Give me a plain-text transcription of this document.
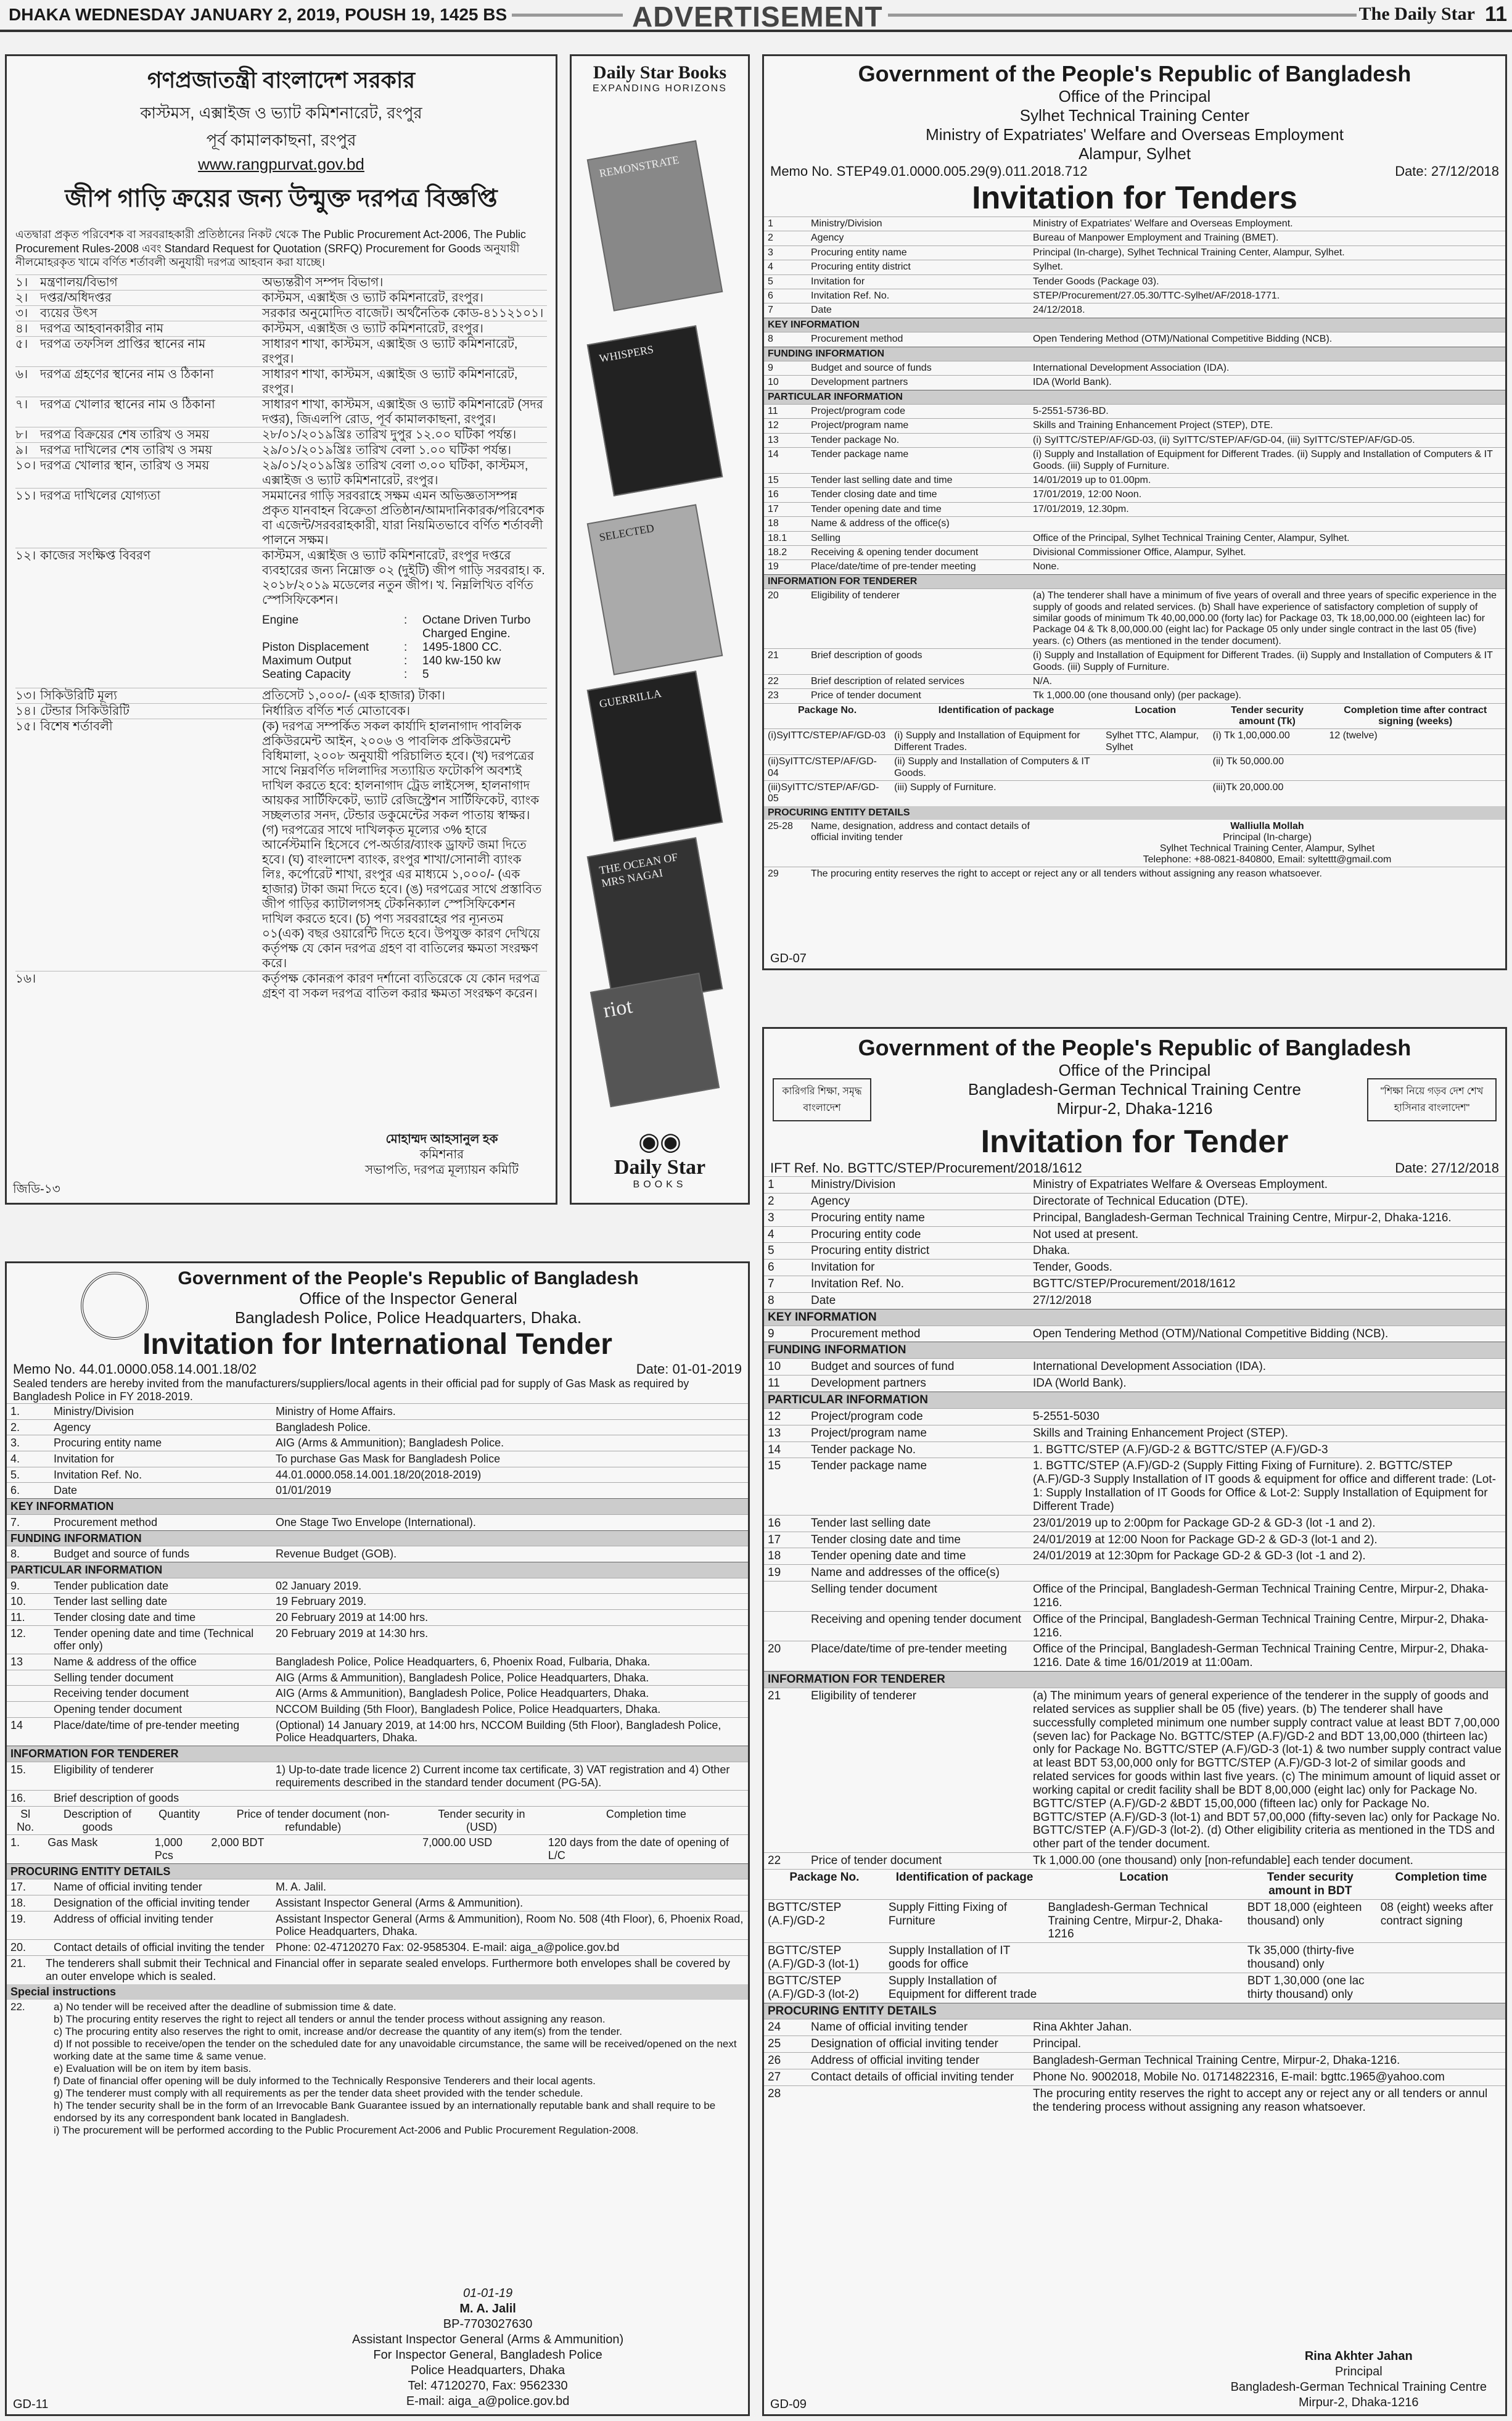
DHAKA WEDNESDAY JANUARY 2, 2019, POUSH 19, 1425 BS	ADVERTISEMENT	The Daily Star 11
গণপ্রজাতন্ত্রী বাংলাদেশ সরকার
কাস্টমস, এক্সাইজ ও ভ্যাট কমিশনারেট, রংপুর
পূর্ব কামালকাছনা, রংপুর
www.rangpurvat.gov.bd
জীপ গাড়ি ক্রয়ের জন্য উন্মুক্ত দরপত্র বিজ্ঞপ্তি
এতদ্বারা প্রকৃত পরিবেশক বা সরবরাহকারী প্রতিষ্ঠানের নিকট থেকে The Public Procurement Act-2006, The Public Procurement Rules-2008 এবং Standard Request for Quotation (SRFQ) Procurement for Goods অনুযায়ী নীলমোহরকৃত খামে বর্ণিত শর্তাবলী অনুযায়ী দরপত্র আহবান করা যাচ্ছে।
১। মন্ত্রণালয়/বিভাগ	অভ্যন্তরীণ সম্পদ বিভাগ।
২। দপ্তর/অধিদপ্তর	কাস্টমস, এক্সাইজ ও ভ্যাট কমিশনারেট, রংপুর।
৩। ব্যয়ের উৎস	সরকার অনুমোদিত বাজেট। অর্থনৈতিক কোড-৪১১২১০১।
৪। দরপত্র আহবানকারীর নাম	কাস্টমস, এক্সাইজ ও ভ্যাট কমিশনারেট, রংপুর।
৫। দরপত্র তফসিল প্রাপ্তির স্থানের নাম	সাধারণ শাখা, কাস্টমস, এক্সাইজ ও ভ্যাট কমিশনারেট, রংপুর।
৬। দরপত্র গ্রহণের স্থানের নাম ও ঠিকানা	সাধারণ শাখা, কাস্টমস, এক্সাইজ ও ভ্যাট কমিশনারেট, রংপুর।
৭। দরপত্র খোলার স্থানের নাম ও ঠিকানা	সাধারণ শাখা, কাস্টমস, এক্সাইজ ও ভ্যাট কমিশনারেট (সদর দপ্তর), জিএলপি রোড, পূর্ব কামালকাছনা, রংপুর।
৮। দরপত্র বিক্রয়ের শেষ তারিখ ও সময়	২৮/০১/২০১৯খ্রিঃ তারিখ দুপুর ১২.০০ ঘটিকা পর্যন্ত।
৯। দরপত্র দাখিলের শেষ তারিখ ও সময়	২৯/০১/২০১৯খ্রিঃ তারিখ বেলা ১.০০ ঘটিকা পর্যন্ত।
১০। দরপত্র খোলার স্থান, তারিখ ও সময়	২৯/০১/২০১৯খ্রিঃ তারিখ বেলা ৩.০০ ঘটিকা, কাস্টমস, এক্সাইজ ও ভ্যাট কমিশনারেট, রংপুর।
১১। দরপত্র দাখিলের যোগ্যতা	সমমানের গাড়ি সরবরাহে সক্ষম এমন অভিজ্ঞতাসম্পন্ন প্রকৃত যানবাহন বিক্রেতা প্রতিষ্ঠান/আমদানিকারক/পরিবেশক বা এজেন্ট/সরবরাহকারী, যারা নিয়মিতভাবে বর্ণিত শর্তাবলী পালনে সক্ষম।
১২। কাজের সংক্ষিপ্ত বিবরণ	কাস্টমস, এক্সাইজ ও ভ্যাট কমিশনারেট, রংপুর দপ্তরে ব্যবহারের জন্য নিম্নোক্ত ০২ (দুইটি) জীপ গাড়ি সরবরাহ। ক. ২০১৮/২০১৯ মডেলের নতুন জীপ। খ. নিম্নলিখিত বর্ণিত স্পেসিফিকেশন।
Engine	:	Octane Driven Turbo Charged Engine.
Piston Displacement	:	1495-1800 CC.
Maximum Output	:	140 kw-150 kw
Seating Capacity	:	5
১৩। সিকিউরিটি মূল্য	প্রতিসেট ১,০০০/- (এক হাজার) টাকা।
১৪। টেন্ডার সিকিউরিটি	নির্ধারিত বর্ণিত শর্ত মোতাবেক।
১৫। বিশেষ শর্তাবলী	(ক) দরপত্র সম্পর্কিত সকল কার্যাদি হালনাগাদ পাবলিক প্রকিউরমেন্ট আইন, ২০০৬ ও পাবলিক প্রকিউরমেন্ট বিধিমালা, ২০০৮ অনুযায়ী পরিচালিত হবে। (খ) দরপত্রের সাথে নিম্নবর্ণিত দলিলাদির সত্যায়িত ফটোকপি অবশ্যই দাখিল করতে হবে: হালনাগাদ ট্রেড লাইসেন্স, হালনাগাদ আয়কর সার্টিফিকেট, ভ্যাট রেজিস্ট্রেশন সার্টিফিকেট, ব্যাংক সচ্ছলতার সনদ, টেন্ডার ডকুমেন্টের সকল পাতায় স্বাক্ষর। (গ) দরপত্রের সাথে দাখিলকৃত মূল্যের ৩% হারে আর্নেস্টমানি হিসেবে পে-অর্ডার/ব্যাংক ড্রাফট জমা দিতে হবে। (ঘ) বাংলাদেশ ব্যাংক, রংপুর শাখা/সোনালী ব্যাংক লিঃ, কর্পোরেট শাখা, রংপুর এর মাধ্যমে ১,০০০/- (এক হাজার) টাকা জমা দিতে হবে। (ঙ) দরপত্রের সাথে প্রস্তাবিত জীপ গাড়ির ক্যাটালগসহ টেকনিক্যাল স্পেসিফিকেশন দাখিল করতে হবে। (চ) পণ্য সরবরাহের পর ন্যূনতম ০১(এক) বছর ওয়ারেন্টি দিতে হবে। উপযুক্ত কারণ দেখিয়ে কর্তৃপক্ষ যে কোন দরপত্র গ্রহণ বা বাতিলের ক্ষমতা সংরক্ষণ করে।
১৬।	কর্তৃপক্ষ কোনরূপ কারণ দর্শানো ব্যতিরেকে যে কোন দরপত্র গ্রহণ বা সকল দরপত্র বাতিল করার ক্ষমতা সংরক্ষণ করেন।
মোহাম্মদ আহসানুল হক
কমিশনার
সভাপতি, দরপত্র মূল্যায়ন কমিটি
জিডি-১৩
Daily Star Books
EXPANDING HORIZONS
REMONSTRATE
WHISPERS
SELECTED
GUERRILLA
THE OCEAN OF MRS NAGAI
riot
◉◉
Daily Star
BOOKS
Government of the People's Republic of Bangladesh
Office of the Principal
Sylhet Technical Training Center
Ministry of Expatriates' Welfare and Overseas Employment
Alampur, Sylhet
Memo No. STEP49.01.0000.005.29(9).011.2018.712	Date: 27/12/2018
Invitation for Tenders
1	Ministry/Division	Ministry of Expatriates' Welfare and Overseas Employment.
2	Agency	Bureau of Manpower Employment and Training (BMET).
3	Procuring entity name	Principal (In-charge), Sylhet Technical Training Center, Alampur, Sylhet.
4	Procuring entity district	Sylhet.
5	Invitation for	Tender Goods (Package 03).
6	Invitation Ref. No.	STEP/Procurement/27.05.30/TTC-Sylhet/AF/2018-1771.
7	Date	24/12/2018.
KEY INFORMATION		
8	Procurement method	Open Tendering Method (OTM)/National Competitive Bidding (NCB).
FUNDING INFORMATION		
9	Budget and source of funds	International Development Association (IDA).
10	Development partners	IDA (World Bank).
PARTICULAR INFORMATION		
11	Project/program code	5-2551-5736-BD.
12	Project/program name	Skills and Training Enhancement Project (STEP), DTE.
13	Tender package No.	(i) SyITTC/STEP/AF/GD-03, (ii) SyITTC/STEP/AF/GD-04, (iii) SyITTC/STEP/AF/GD-05.
14	Tender package name	(i) Supply and Installation of Equipment for Different Trades. (ii) Supply and Installation of Computers & IT Goods. (iii) Supply of Furniture.
15	Tender last selling date and time	14/01/2019 up to 01.00pm.
16	Tender closing date and time	17/01/2019, 12:00 Noon.
17	Tender opening date and time	17/01/2019, 12.30pm.
18	Name & address of the office(s)	
18.1	Selling	Office of the Principal, Sylhet Technical Training Center, Alampur, Sylhet.
18.2	Receiving & opening tender document	Divisional Commissioner Office, Alampur, Sylhet.
19	Place/date/time of pre-tender meeting	None.
INFORMATION FOR TENDERER		
20	Eligibility of tenderer	(a) The tenderer shall have a minimum of five years of overall and three years of specific experience in the supply of goods and related services. (b) Shall have experience of satisfactory completion of supply of similar goods of minimum Tk 40,00,000.00 (forty lac) for Package 03, Tk 18,00,000.00 (eighteen lac) for Package 04 & Tk 8,00,000.00 (eight lac) for Package 05 only under single contract in the last 05 (five) years. (c) Others (as mentioned in the tender document).
21	Brief description of goods	(i) Supply and Installation of Equipment for Different Trades. (ii) Supply and Installation of Computers & IT Goods. (iii) Supply of Furniture.
22	Brief description of related services	N/A.
23	Price of tender document	Tk 1,000.00 (one thousand only) (per package).
Package No.	Identification of package	Location	Tender security amount (Tk)	Completion time after contract signing (weeks)
(i)SyITTC/STEP/AF/GD-03	(i) Supply and Installation of Equipment for Different Trades.	Sylhet TTC, Alampur, Sylhet	(i) Tk 1,00,000.00	12 (twelve)
(ii)SyITTC/STEP/AF/GD-04	(ii) Supply and Installation of Computers & IT Goods.		(ii) Tk 50,000.00	
(iii)SyITTC/STEP/AF/GD-05	(iii) Supply of Furniture.		(iii)Tk 20,000.00	
PROCURING ENTITY DETAILS
25-28	Name, designation, address and contact details of official inviting tender
Walliulla Mollah
Principal (In-charge)
Sylhet Technical Training Center, Alampur, Sylhet
Telephone: +88-0821-840800, Email: syltettt@gmail.com
29	The procuring entity reserves the right to accept or reject any or all tenders without assigning any reason whatsoever.
GD-07
Government of the People's Republic of Bangladesh
Office of the Inspector General
Bangladesh Police, Police Headquarters, Dhaka.
Invitation for International Tender
Memo No. 44.01.0000.058.14.001.18/02	Date: 01-01-2019
Sealed tenders are hereby invited from the manufacturers/suppliers/local agents in their official pad for supply of Gas Mask as required by Bangladesh Police in FY 2018-2019.
1.	Ministry/Division	Ministry of Home Affairs.
2.	Agency	Bangladesh Police.
3.	Procuring entity name	AIG (Arms & Ammunition); Bangladesh Police.
4.	Invitation for	To purchase Gas Mask for Bangladesh Police
5.	Invitation Ref. No.	44.01.0000.058.14.001.18/20(2018-2019)
6.	Date	01/01/2019
KEY INFORMATION		
7.	Procurement method	One Stage Two Envelope (International).
FUNDING INFORMATION		
8.	Budget and source of funds	Revenue Budget (GOB).
PARTICULAR INFORMATION		
9.	Tender publication date	02 January 2019.
10.	Tender last selling date	19 February 2019.
11.	Tender closing date and time	20 February 2019 at 14:00 hrs.
12.	Tender opening date and time (Technical offer only)	20 February 2019 at 14:30 hrs.
13	Name & address of the office	Bangladesh Police, Police Headquarters, 6, Phoenix Road, Fulbaria, Dhaka.
	Selling tender document	AIG (Arms & Ammunition), Bangladesh Police, Police Headquarters, Dhaka.
	Receiving tender document	AIG (Arms & Ammunition), Bangladesh Police, Police Headquarters, Dhaka.
	Opening tender document	NCCOM Building (5th Floor), Bangladesh Police, Police Headquarters, Dhaka.
14	Place/date/time of pre-tender meeting	(Optional) 14 January 2019, at 14:00 hrs, NCCOM Building (5th Floor), Bangladesh Police, Police Headquarters, Dhaka.
INFORMATION FOR TENDERER		
15.	Eligibility of tenderer	1) Up-to-date trade licence 2) Current income tax certificate, 3) VAT registration and 4) Other requirements described in the standard tender document (PG-5A).
16.	Brief description of goods	
Sl No.	Description of goods	Quantity	Price of tender document (non-refundable)	Tender security in (USD)	Completion time
1.	Gas Mask	1,000 Pcs	2,000 BDT	7,000.00 USD	120 days from the date of opening of L/C
PROCURING ENTITY DETAILS		
17.	Name of official inviting tender	M. A. Jalil.
18.	Designation of the official inviting tender	Assistant Inspector General (Arms & Ammunition).
19.	Address of official inviting tender	Assistant Inspector General (Arms & Ammunition), Room No. 508 (4th Floor), 6, Phoenix Road, Police Headquarters, Dhaka.
20.	Contact details of official inviting the tender	Phone: 02-47120270 Fax: 02-9585304. E-mail: aiga_a@police.gov.bd
21.	The tenderers shall submit their Technical and Financial offer in separate sealed envelops. Furthermore both envelopes shall be covered by an outer envelope which is sealed.
Special instructions
22.	a) No tender will be received after the deadline of submission time & date.
b) The procuring entity reserves the right to reject all tenders or annul the tender process without assigning any reason.
c) The procuring entity also reserves the right to omit, increase and/or decrease the quantity of any item(s) from the tender.
d) If not possible to receive/open the tender on the scheduled date for any unavoidable circumstance, the same will be received/opened on the next working date at the same time & same venue.
e) Evaluation will be on item by item basis.
f) Date of financial offer opening will be duly informed to the Technically Responsive Tenderers and their local agents.
g) The tenderer must comply with all requirements as per the tender data sheet provided with the tender schedule.
h) The tender security shall be in the form of an Irrevocable Bank Guarantee issued by an internationally reputable bank and shall require to be endorsed by its any correspondent bank located in Bangladesh.
i) The procurement will be performed according to the Public Procurement Act-2006 and Public Procurement Regulation-2008.
01-01-19
M. A. Jalil
BP-7703027630
Assistant Inspector General (Arms & Ammunition)
For Inspector General, Bangladesh Police
Police Headquarters, Dhaka
Tel: 47120270, Fax: 9562330
E-mail: aiga_a@police.gov.bd
GD-11
Government of the People's Republic of Bangladesh
Office of the Principal
Bangladesh-German Technical Training Centre
Mirpur-2, Dhaka-1216
কারিগরি শিক্ষা, সমৃদ্ধ বাংলাদেশ
"শিক্ষা নিয়ে গড়ব দেশ শেখ হাসিনার বাংলাদেশ"
Invitation for Tender
IFT Ref. No. BGTTC/STEP/Procurement/2018/1612	Date: 27/12/2018
1	Ministry/Division	Ministry of Expatriates Welfare & Overseas Employment.
2	Agency	Directorate of Technical Education (DTE).
3	Procuring entity name	Principal, Bangladesh-German Technical Training Centre, Mirpur-2, Dhaka-1216.
4	Procuring entity code	Not used at present.
5	Procuring entity district	Dhaka.
6	Invitation for	Tender, Goods.
7	Invitation Ref. No.	BGTTC/STEP/Procurement/2018/1612
8	Date	27/12/2018
KEY INFORMATION		
9	Procurement method	Open Tendering Method (OTM)/National Competitive Bidding (NCB).
FUNDING INFORMATION		
10	Budget and sources of fund	International Development Association (IDA).
11	Development partners	IDA (World Bank).
PARTICULAR INFORMATION		
12	Project/program code	5-2551-5030
13	Project/program name	Skills and Training Enhancement Project (STEP).
14	Tender package No.	1. BGTTC/STEP (A.F)/GD-2 & BGTTC/STEP (A.F)/GD-3
15	Tender package name	1. BGTTC/STEP (A.F)/GD-2 (Supply Fitting Fixing of Furniture). 2. BGTTC/STEP (A.F)/GD-3 Supply Installation of IT goods & equipment for office and different trade: (Lot-1: Supply Installation of IT Goods for Office & Lot-2: Supply Installation of Equipment for Different Trade)
16	Tender last selling date	23/01/2019 up to 2:00pm for Package GD-2 & GD-3 (lot -1 and 2).
17	Tender closing date and time	24/01/2019 at 12:00 Noon for Package GD-2 & GD-3 (lot-1 and 2).
18	Tender opening date and time	24/01/2019 at 12:30pm for Package GD-2 & GD-3 (lot -1 and 2).
19	Name and addresses of the office(s)	
	Selling tender document	Office of the Principal, Bangladesh-German Technical Training Centre, Mirpur-2, Dhaka-1216.
	Receiving and opening tender document	Office of the Principal, Bangladesh-German Technical Training Centre, Mirpur-2, Dhaka-1216.
20	Place/date/time of pre-tender meeting	Office of the Principal, Bangladesh-German Technical Training Centre, Mirpur-2, Dhaka-1216. Date & time 16/01/2019 at 11:00am.
INFORMATION FOR TENDERER		
21	Eligibility of tenderer	(a) The minimum years of general experience of the tenderer in the supply of goods and related services as supplier shall be 05 (five) years. (b) The tenderer shall have successfully completed minimum one number supply contract value at least BDT 7,00,000 (seven lac) for Package No. BGTTC/STEP (A.F)/GD-2 and BDT 13,00,000 (thirteen lac) only for Package No. BGTTC/STEP (A.F)/GD-3 (lot-1) & two number supply contract value at least BDT 53,00,000 only for BGTTC/STEP (A.F)/GD-3 lot-2 of similar goods and related services for goods within last five years. (c) The minimum amount of liquid asset or working capital or credit facility shall be BDT 8,00,000 (eight lac) only for Package No. BGTTC/STEP (A.F)/GD-2 &BDT 15,00,000 (fifteen lac) only for Package No. BGTTC/STEP (A.F)/GD-3 (lot-1) and BDT 57,00,000 (fifty-seven lac) only for Package No. BGTTC/STEP (A.F)/GD-3 (lot-2). (d) Other eligibility criteria as mentioned in the TDS and other part of the tender document.
22	Price of tender document	Tk 1,000.00 (one thousand) only [non-refundable] each tender document.
Package No.	Identification of package	Location	Tender security amount in BDT	Completion time
BGTTC/STEP (A.F)/GD-2	Supply Fitting Fixing of Furniture	Bangladesh-German Technical Training Centre, Mirpur-2, Dhaka-1216	BDT 18,000 (eighteen thousand) only	08 (eight) weeks after contract signing
BGTTC/STEP (A.F)/GD-3 (lot-1)	Supply Installation of IT goods for office		Tk 35,000 (thirty-five thousand) only	
BGTTC/STEP (A.F)/GD-3 (lot-2)	Supply Installation of Equipment for different trade		BDT 1,30,000 (one lac thirty thousand) only	
PROCURING ENTITY DETAILS		
24	Name of official inviting tender	Rina Akhter Jahan.
25	Designation of official inviting tender	Principal.
26	Address of official inviting tender	Bangladesh-German Technical Training Centre, Mirpur-2, Dhaka-1216.
27	Contact details of official inviting tender	Phone No. 9002018, Mobile No. 01714822316, E-mail: bgttc.1965@yahoo.com
28		The procuring entity reserves the right to accept any or reject any or all tenders or annul the tendering process without assigning any reason whatsoever.
Rina Akhter Jahan
Principal
Bangladesh-German Technical Training Centre
Mirpur-2, Dhaka-1216
GD-09
